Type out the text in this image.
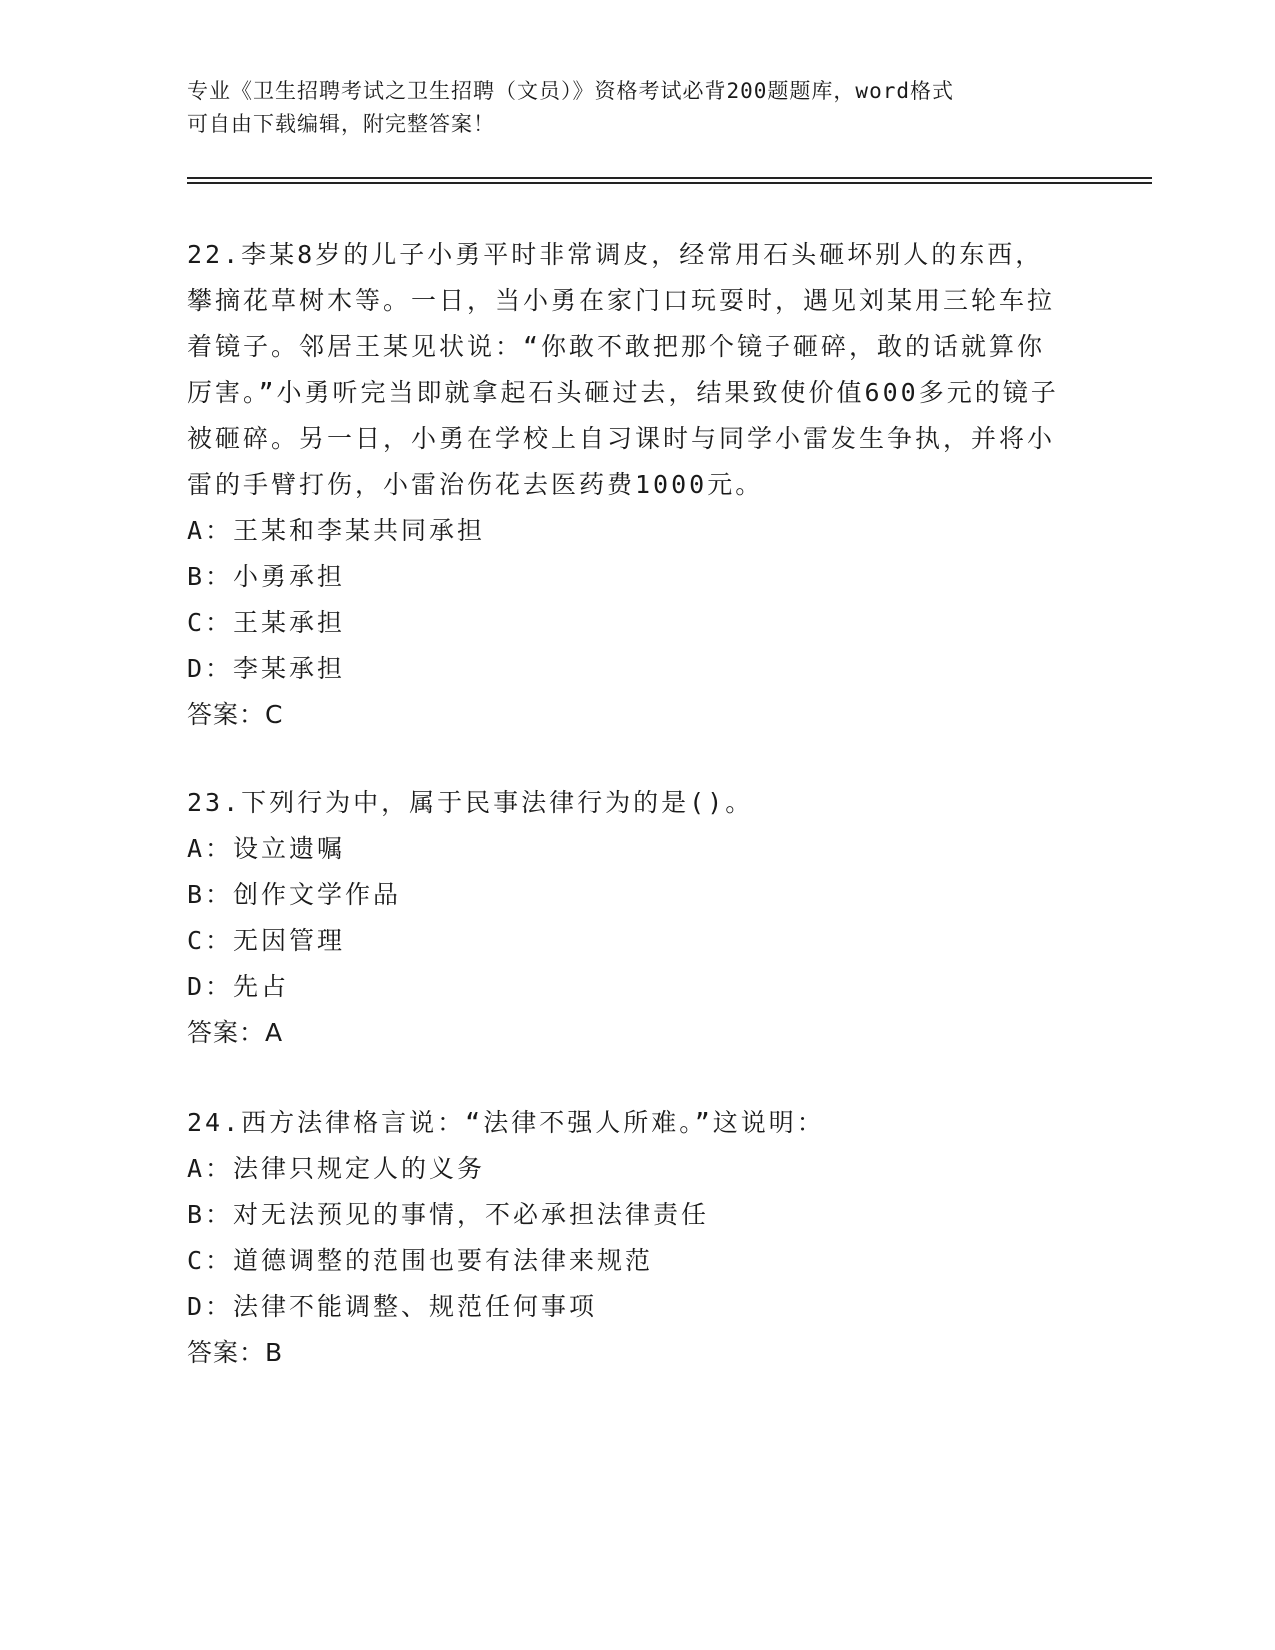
专业《卫生招聘考试之卫生招聘（文员）》资格考试必背200题题库，word格式
可自由下载编辑，附完整答案！

22.李某8岁的儿子小勇平时非常调皮，经常用石头砸坏别人的东西，攀摘花草树木等。一日，当小勇在家门口玩耍时，遇见刘某用三轮车拉着镜子。邻居王某见状说：“你敢不敢把那个镜子砸碎，敢的话就算你厉害。”小勇听完当即就拿起石头砸过去，结果致使价值600多元的镜子被砸碎。另一日，小勇在学校上自习课时与同学小雷发生争执，并将小雷的手臂打伤，小雷治伤花去医药费1000元。

A：王某和李某共同承担

B：小勇承担

C：王某承担

D：李某承担

答案：C

23.下列行为中，属于民事法律行为的是()。

A：设立遗嘱

B：创作文学作品

C：无因管理

D：先占

答案：A

24.西方法律格言说：“法律不强人所难。”这说明：

A：法律只规定人的义务

B：对无法预见的事情，不必承担法律责任

C：道德调整的范围也要有法律来规范

D：法律不能调整、规范任何事项

答案：B
